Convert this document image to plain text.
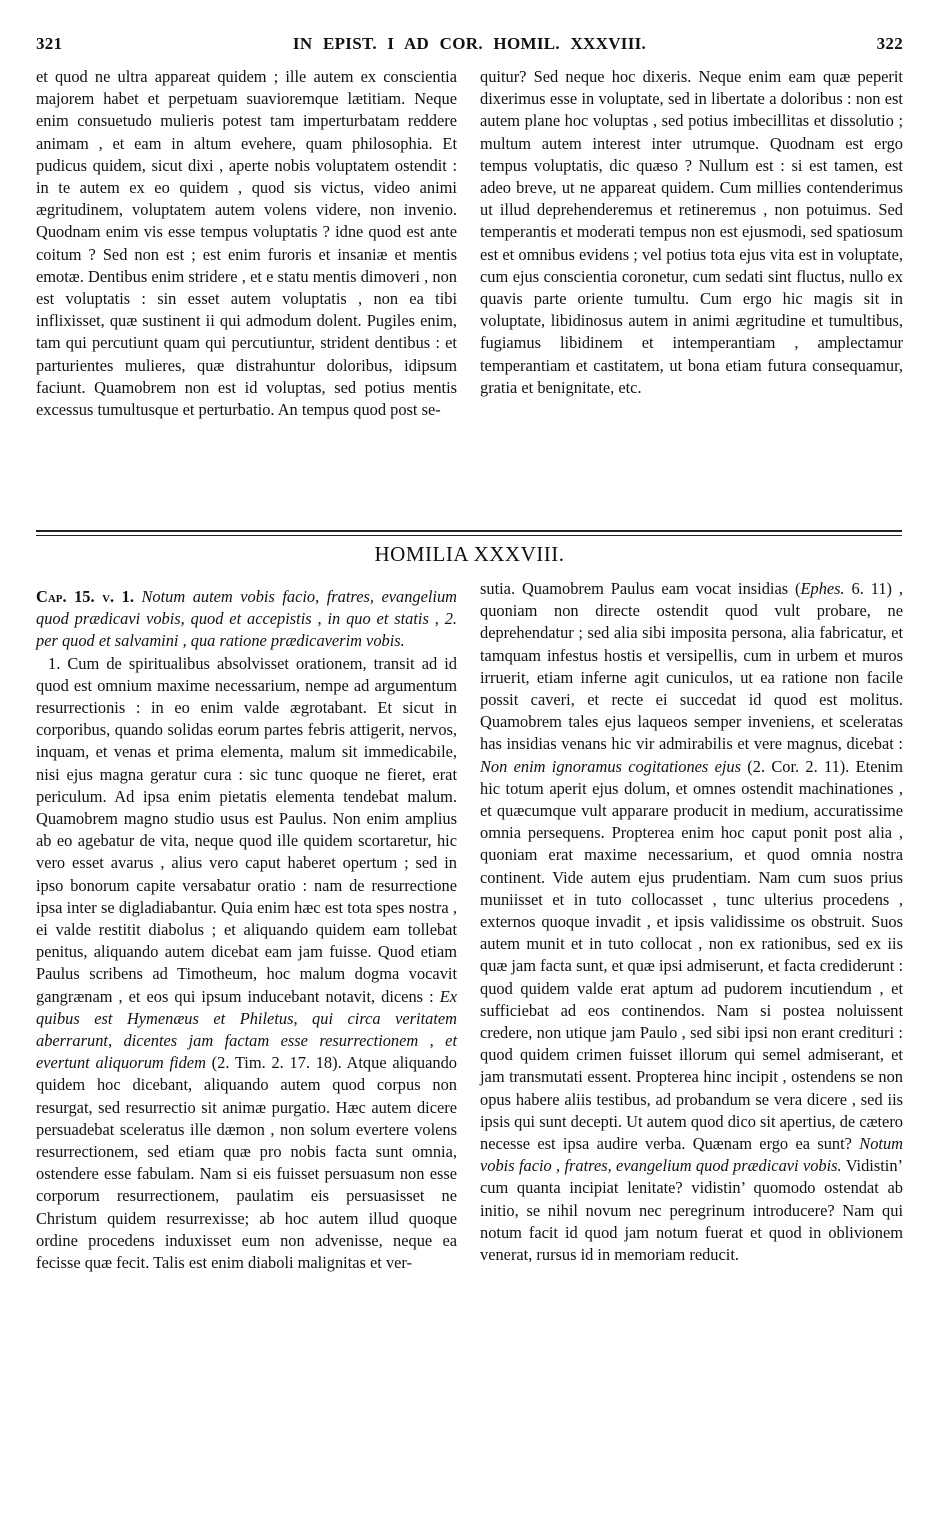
321	IN EPIST. I AD COR. HOMIL. XXXVIII.	322

et quod ne ultra appareat quidem ; ille autem ex conscientia majorem habet et perpetuam suavioremque lætitiam. Neque enim consuetudo mulieris potest tam imperturbatam reddere animam , et eam in altum evehere, quam philosophia. Et pudicus quidem, sicut dixi , aperte nobis voluptatem ostendit : in te autem ex eo quidem , quod sis victus, video animi ægritudinem, voluptatem autem volens videre, non invenio. Quodnam enim vis esse tempus voluptatis ? idne quod est ante coitum ? Sed non est ; est enim furoris et insaniæ et mentis emotæ. Dentibus enim stridere , et e statu mentis dimoveri , non est voluptatis : sin esset autem voluptatis , non ea tibi inflixisset, quæ sustinent ii qui admodum dolent. Pugiles enim, tam qui percutiunt quam qui percutiuntur, strident dentibus : et parturientes mulieres, quæ distrahuntur doloribus, idipsum faciunt. Quamobrem non est id voluptas, sed potius mentis excessus tumultusque et perturbatio. An tempus quod post se-

quitur? Sed neque hoc dixeris. Neque enim eam quæ peperit dixerimus esse in voluptate, sed in libertate a doloribus : non est autem plane hoc voluptas , sed potius imbecillitas et dissolutio ; multum autem interest inter utrumque. Quodnam est ergo tempus voluptatis, dic quæso ? Nullum est : si est tamen, est adeo breve, ut ne appareat quidem. Cum millies contenderimus ut illud deprehenderemus et retineremus , non potuimus. Sed temperantis et moderati tempus non est ejusmodi, sed spatiosum est et omnibus evidens ; vel potius tota ejus vita est in voluptate, cum ejus conscientia coronetur, cum sedati sint fluctus, nullo ex quavis parte oriente tumultu. Cum ergo hic magis sit in voluptate, libidinosus autem in animi ægritudine et tumultibus, fugiamus libidinem et intemperantiam , amplectamur temperantiam et castitatem, ut bona etiam futura consequamur, gratia et benignitate, etc.

HOMILIA XXXVIII.

Cap. 15. v. 1. Notum autem vobis facio, fratres, evangelium quod prædicavi vobis, quod et accepistis , in quo et statis , 2. per quod et salvamini , qua ratione prædicaverim vobis.

1. Cum de spiritualibus absolvisset orationem, transit ad id quod est omnium maxime necessarium, nempe ad argumentum resurrectionis : in eo enim valde ægrotabant. Et sicut in corporibus, quando solidas eorum partes febris attigerit, nervos, inquam, et venas et prima elementa, malum sit immedicabile, nisi ejus magna geratur cura : sic tunc quoque ne fieret, erat periculum. Ad ipsa enim pietatis elementa tendebat malum. Quamobrem magno studio usus est Paulus. Non enim amplius ab eo agebatur de vita, neque quod ille quidem scortaretur, hic vero esset avarus , alius vero caput haberet opertum ; sed in ipso bonorum capite versabatur oratio : nam de resurrectione ipsa inter se digladiabantur. Quia enim hæc est tota spes nostra , ei valde restitit diabolus ; et aliquando quidem eam tollebat penitus, aliquando autem dicebat eam jam fuisse. Quod etiam Paulus scribens ad Timotheum, hoc malum dogma vocavit gangrænam , et eos qui ipsum inducebant notavit, dicens : Ex quibus est Hymenæus et Philetus, qui circa veritatem aberrarunt, dicentes jam factam esse resurrectionem , et evertunt aliquorum fidem (2. Tim. 2. 17. 18). Atque aliquando quidem hoc dicebant, aliquando autem quod corpus non resurgat, sed resurrectio sit animæ purgatio. Hæc autem dicere persuadebat sceleratus ille dæmon , non solum evertere volens resurrectionem, sed etiam quæ pro nobis facta sunt omnia, ostendere esse fabulam. Nam si eis fuisset persuasum non esse corporum resurrectionem, paulatim eis persuasisset ne Christum quidem resurrexisse; ab hoc autem illud quoque ordine procedens induxisset eum non advenisse, neque ea fecisse quæ fecit. Talis est enim diaboli malignitas et ver-

sutia. Quamobrem Paulus eam vocat insidias (Ephes. 6. 11) , quoniam non directe ostendit quod vult probare, ne deprehendatur ; sed alia sibi imposita persona, alia fabricatur, et tamquam infestus hostis et versipellis, cum in urbem et muros irruerit, etiam inferne agit cuniculos, ut ea ratione non facile possit caveri, et recte ei succedat id quod est molitus. Quamobrem tales ejus laqueos semper inveniens, et sceleratas has insidias venans hic vir admirabilis et vere magnus, dicebat : Non enim ignoramus cogitationes ejus (2. Cor. 2. 11). Etenim hic totum aperit ejus dolum, et omnes ostendit machinationes , et quæcumque vult apparare producit in medium, accuratissime omnia persequens. Propterea enim hoc caput ponit post alia , quoniam erat maxime necessarium, et quod omnia nostra continent. Vide autem ejus prudentiam. Nam cum suos prius muniisset et in tuto collocasset , tunc ulterius procedens , externos quoque invadit , et ipsis validissime os obstruit. Suos autem munit et in tuto collocat , non ex rationibus, sed ex iis quæ jam facta sunt, et quæ ipsi admiserunt, et facta crediderunt : quod quidem valde erat aptum ad pudorem incutiendum , et sufficiebat ad eos continendos. Nam si postea noluissent credere, non utique jam Paulo , sed sibi ipsi non erant credituri : quod quidem crimen fuisset illorum qui semel admiserant, et jam transmutati essent. Propterea hinc incipit , ostendens se non opus habere aliis testibus, ad probandum se vera dicere , sed iis ipsis qui sunt decepti. Ut autem quod dico sit apertius, de cætero necesse est ipsa audire verba. Quænam ergo ea sunt? Notum vobis facio , fratres, evangelium quod prædicavi vobis. Vidistin’ cum quanta incipiat lenitate? vidistin’ quomodo ostendat ab initio, se nihil novum nec peregrinum introducere? Nam qui notum facit id quod jam notum fuerat et quod in oblivionem venerat, rursus id in memoriam reducit.
